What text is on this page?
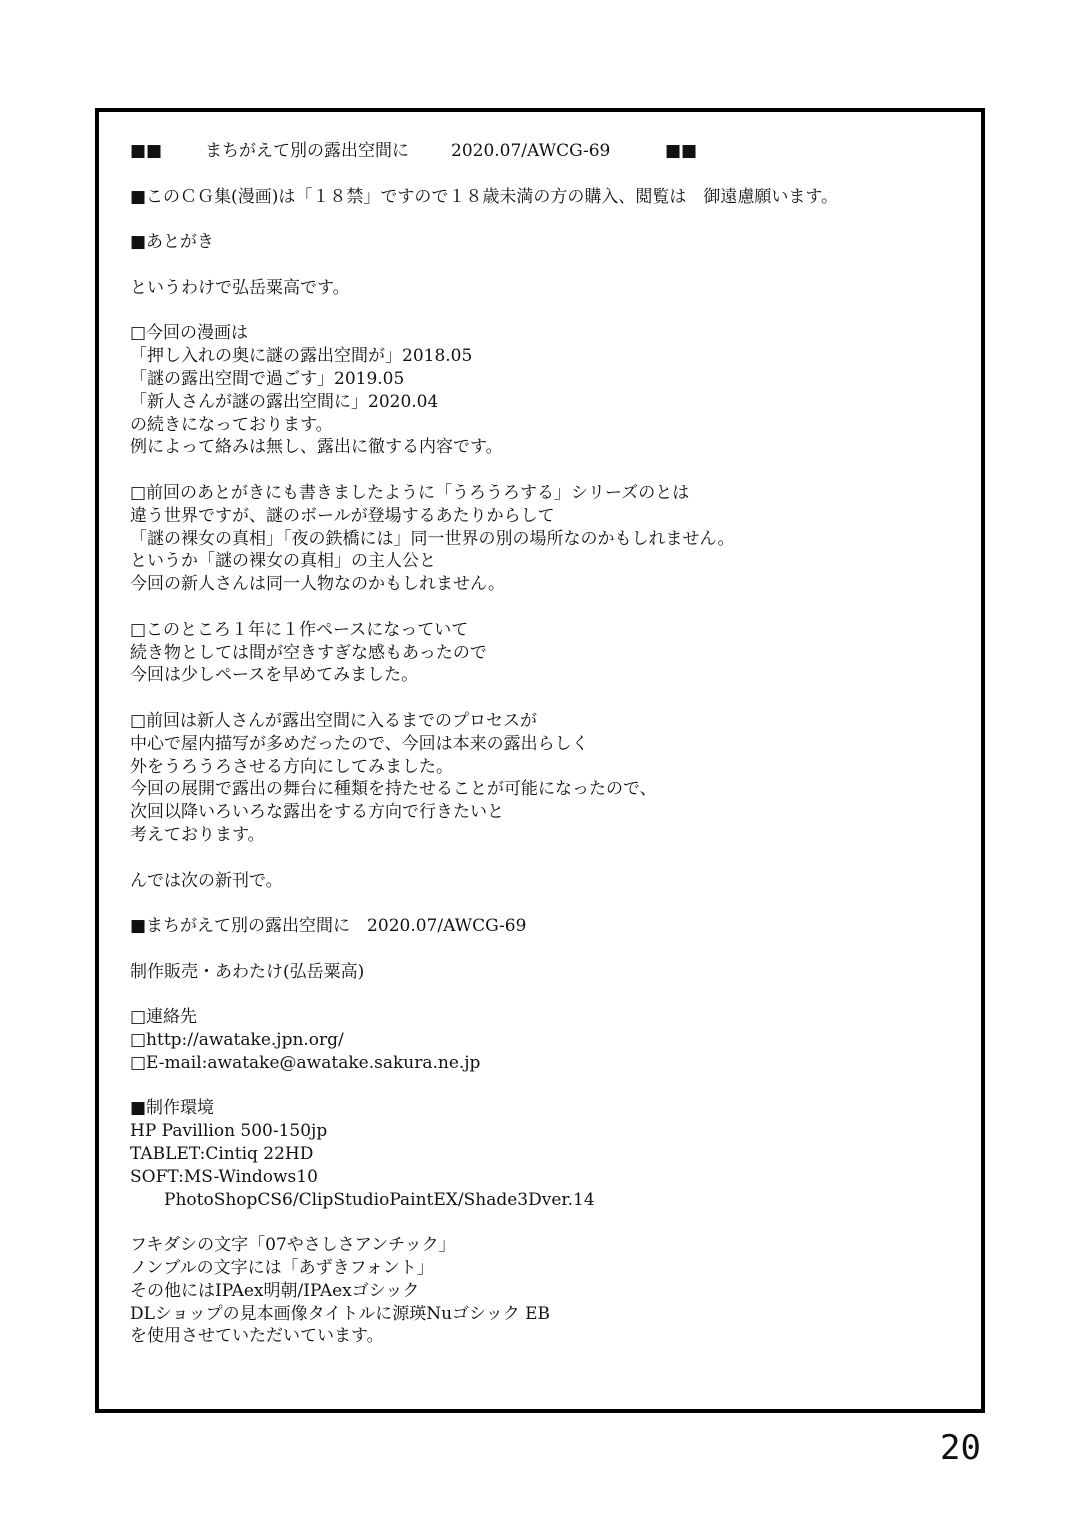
■■

	まちがえて別の露出空間に

2020.07/AWCG-69

	■■

■このＣＧ集(漫画)は「１８禁」ですので１８歳未満の方の購入、閲覧は　御遠慮願います。
■あとがき
というわけで弘岳粟高です。
□今回の漫画は
「押し入れの奥に謎の露出空間が」2018.05
「謎の露出空間で過ごす」2019.05
「新人さんが謎の露出空間に」2020.04
の続きになっております。
例によって絡みは無し、露出に徹する内容です。
□前回のあとがきにも書きましたように「うろうろする」シリーズのとは
違う世界ですが、謎のボールが登場するあたりからして
「謎の裸女の真相」「夜の鉄橋には」同一世界の別の場所なのかもしれません。
というか「謎の裸女の真相」の主人公と
今回の新人さんは同一人物なのかもしれません。
□このところ１年に１作ペースになっていて
続き物としては間が空きすぎな感もあったので
今回は少しペースを早めてみました。
□前回は新人さんが露出空間に入るまでのプロセスが
中心で屋内描写が多めだったので、今回は本来の露出らしく
外をうろうろさせる方向にしてみました。
今回の展開で露出の舞台に種類を持たせることが可能になったので、
次回以降いろいろな露出をする方向で行きたいと
考えております。
んでは次の新刊で。
■まちがえて別の露出空間に　2020.07/AWCG-69
制作販売・あわたけ(弘岳粟高)
□連絡先
□http://awatake.jpn.org/
□E-mail:awatake@awatake.sakura.ne.jp
■制作環境
HP Pavillion 500-150jp
TABLET:Cintiq 22HD
SOFT:MS-Windows10
　　PhotoShopCS6/ClipStudioPaintEX/Shade3Dver.14
フキダシの文字「07やさしさアンチック」
ノンブルの文字には「あずきフォント」
その他にはIPAex明朝/IPAexゴシック
DLショップの見本画像タイトルに源瑛Nuゴシック EB
を使用させていただいています。
20
